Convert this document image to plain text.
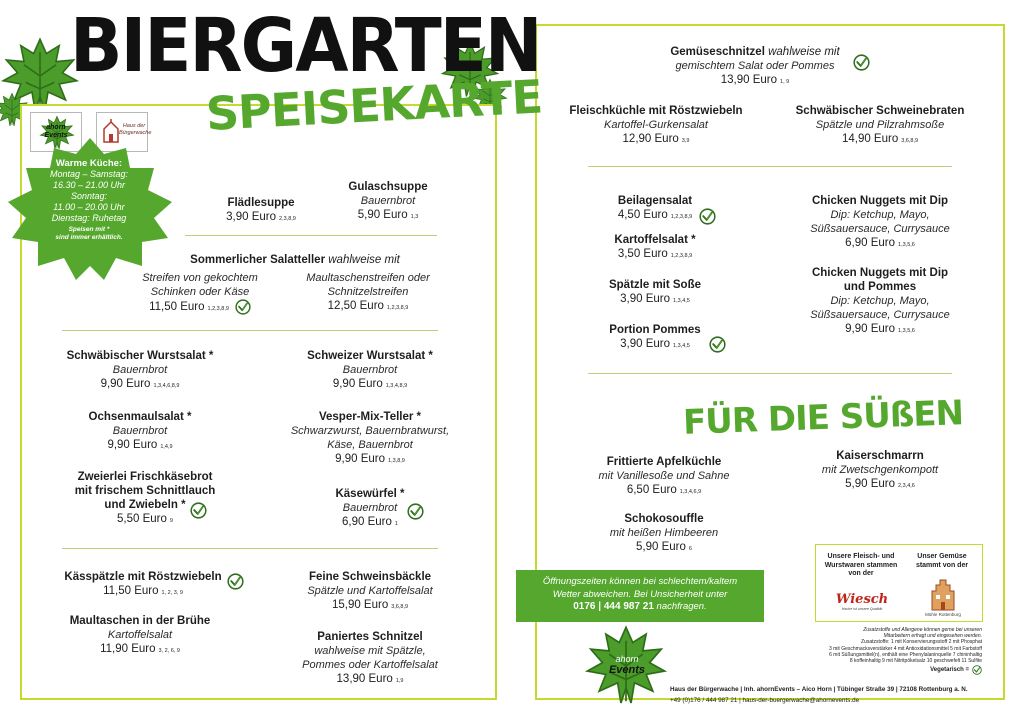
BIERGARTEN
SPEISEKARTE
ahorn
Events
Haus der
Bürgerwache
Warme Küche:
Montag – Samstag:
16.30 – 21.00 Uhr
Sonntag:
11.00 – 20.00 Uhr
Dienstag: Ruhetag
Speisen mit *
sind immer erhältlich.
Flädlesuppe
3,90 Euro 2,3,8,9
Gulaschsuppe
Bauernbrot
5,90 Euro 1,3
Sommerlicher Salatteller wahlweise mit
Streifen von gekochtem
Schinken oder Käse
11,50 Euro 1,2,3,8,9
Maultaschenstreifen oder
Schnitzelstreifen
12,50 Euro 1,2,3,8,9
Schwäbischer Wurstsalat *
Bauernbrot
9,90 Euro 1,3,4,6,8,9
Schweizer Wurstsalat *
Bauernbrot
9,90 Euro 1,3,4,8,9
Ochsenmaulsalat *
Bauernbrot
9,90 Euro 1,4,9
Vesper-Mix-Teller *
Schwarzwurst, Bauernbratwurst,
Käse, Bauernbrot
9,90 Euro 1,3,8,9
Zweierlei Frischkäsebrot
mit frischem Schnittlauch
und Zwiebeln *
5,50 Euro 9
Käsewürfel *
Bauernbrot
6,90 Euro 1
Kässpätzle mit Röstzwiebeln
11,50 Euro 1, 2, 3, 9
Feine Schweinsbäckle
Spätzle und Kartoffelsalat
15,90 Euro 3,6,8,9
Maultaschen in der Brühe
Kartoffelsalat
11,90 Euro 3, 2, 6, 9
Paniertes Schnitzel
wahlweise mit Spätzle,
Pommes oder Kartoffelsalat
13,90 Euro 1,9
Gemüseschnitzel wahlweise mit
gemischtem Salat oder Pommes
13,90 Euro 1, 9
Fleischküchle mit Röstzwiebeln
Kartoffel-Gurkensalat
12,90 Euro 3,9
Schwäbischer Schweinebraten
Spätzle und Pilzrahmsoße
14,90 Euro 3,6,8,9
Beilagensalat
4,50 Euro 1,2,3,8,9
Kartoffelsalat *
3,50 Euro 1,2,3,8,9
Spätzle mit Soße
3,90 Euro 1,3,4,5
Portion Pommes
3,90 Euro 1,3,4,5
Chicken Nuggets mit Dip
Dip: Ketchup, Mayo,
Süßsauersauce, Currysauce
6,90 Euro 1,3,5,6
Chicken Nuggets mit Dip
und Pommes
Dip: Ketchup, Mayo,
Süßsauersauce, Currysauce
9,90 Euro 1,3,5,6
FÜR DIE SÜßEN
Frittierte Apfelküchle
mit Vanillesoße und Sahne
6,50 Euro 1,3,4,6,9
Kaiserschmarrn
mit Zwetschgenkompott
5,90 Euro 2,3,4,6
Schokosouffle
mit heißen Himbeeren
5,90 Euro 6
Öffnungszeiten können bei schlechtem/kaltem
Wetter abweichen. Bei Unsicherheit unter
0176 | 444 987 21 nachfragen.
Unsere Fleisch- und
Wurstwaren stammen
von der
Unser Gemüse
stammt von der
Wiesch
frische ist unsere Qualität
Mühle Rottenburg
Zusatzstoffe und Allergene können gerne bei unseren
Mitarbeitern erfragt und eingesehen werden.
Zusatzstoffe: 1 mit Konservierungsstoff 2 mit Phosphat
3 mit Geschmacksverstärker 4 mit Antioxidationsmittel 5 mit Farbstoff
6 mit Süßungsmittel(n), enthält eine Phenylalaninquelle 7 chininhaltig
8 koffeinhaltig 9 mit Nitritpökelsalz 10 geschwefelt 11 Sulfite
Vegetarisch =
ahorn
Events
Haus der Bürgerwache | Inh. ahornEvents – Aico Horn | Tübinger Straße 39 | 72108 Rottenburg a. N.
+49 (0)176 / 444 987 21 | haus-der-buergerwache@ahornevents.de
